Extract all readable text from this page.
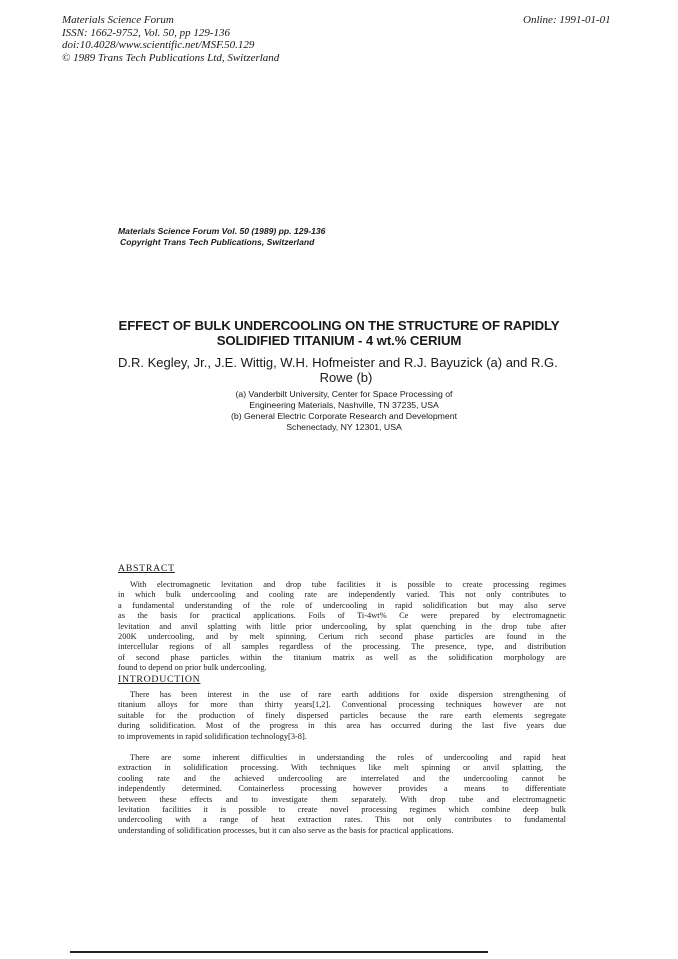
Materials Science Forum
ISSN: 1662-9752, Vol. 50, pp 129-136
doi:10.4028/www.scientific.net/MSF.50.129
© 1989 Trans Tech Publications Ltd, Switzerland
Online: 1991-01-01
Materials Science Forum Vol. 50 (1989) pp. 129-136
Copyright Trans Tech Publications, Switzerland
EFFECT OF BULK UNDERCOOLING ON THE STRUCTURE OF RAPIDLY
SOLIDIFIED TITANIUM - 4 wt.% CERIUM
D.R. Kegley, Jr., J.E. Wittig, W.H. Hofmeister and R.J. Bayuzick (a) and R.G.
Rowe (b)
(a) Vanderbilt University, Center for Space Processing of
Engineering Materials, Nashville, TN 37235, USA
(b) General Electric Corporate Research and Development
Schenectady, NY 12301, USA
ABSTRACT
With electromagnetic levitation and drop tube facilities it is possible to create processing regimes
in which bulk undercooling and cooling rate are independently varied. This not only contributes to
a fundamental understanding of the role of undercooling in rapid solidification but may also serve
as the basis for practical applications. Foils of Ti-4wt% Ce were prepared by electromagnetic
levitation and anvil splatting with little prior undercooling, by splat quenching in the drop tube after
200K undercooling, and by melt spinning. Cerium rich second phase particles are found in the
intercellular regions of all samples regardless of the processing. The presence, type, and distribution
of second phase particles within the titanium matrix as well as the solidification morphology are
found to depend on prior bulk undercooling.
INTRODUCTION
There has been interest in the use of rare earth additions for oxide dispersion strengthening of
titanium alloys for more than thirty years[1,2]. Conventional processing techniques however are not
suitable for the production of finely dispersed particles because the rare earth elements segregate
during solidification. Most of the progress in this area has occurred during the last five years due
to improvements in rapid solidification technology[3-8].
There are some inherent difficulties in understanding the roles of undercooling and rapid heat
extraction in solidification processing. With techniques like melt spinning or anvil splatting, the
cooling rate and the achieved undercooling are interrelated and the undercooling cannot be
independently determined. Containerless processing however provides a means to differentiate
between these effects and to investigate them separately. With drop tube and electromagnetic
levitation facilities it is possible to create novel processing regimes which combine deep bulk
undercooling with a range of heat extraction rates. This not only contributes to fundamental
understanding of solidification processes, but it can also serve as the basis for practical applications.
